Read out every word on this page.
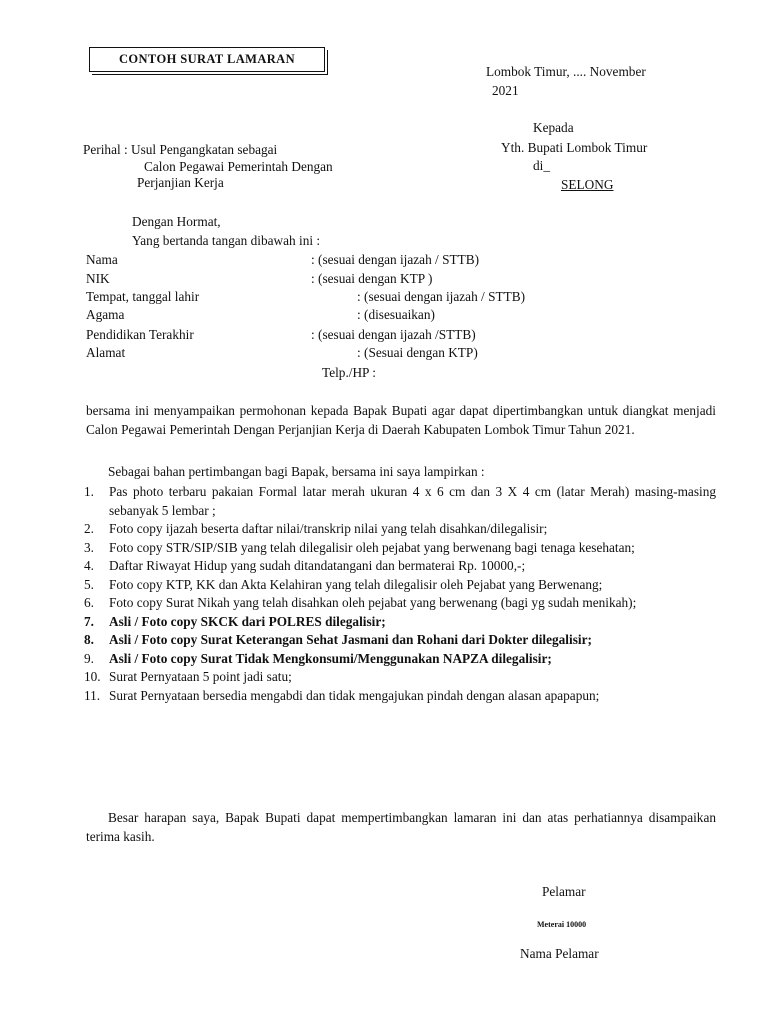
CONTOH SURAT LAMARAN
Lombok Timur, .... November
2021
Kepada
Yth. Bupati Lombok Timur
di_
SELONG
Perihal : Usul Pengangkatan sebagai
Calon Pegawai Pemerintah Dengan
Perjanjian Kerja
Dengan Hormat,
Yang bertanda tangan dibawah ini :
Nama	: (sesuai dengan ijazah / STTB)
NIK	: (sesuai dengan KTP )
Tempat, tanggal lahir	: (sesuai dengan ijazah / STTB)
Agama	: (disesuaikan)
Pendidikan Terakhir	: (sesuai dengan ijazah /STTB)
Alamat	: (Sesuai dengan KTP)
Telp./HP :
bersama ini menyampaikan permohonan kepada Bapak Bupati agar dapat dipertimbangkan untuk diangkat menjadi Calon Pegawai Pemerintah Dengan Perjanjian Kerja di Daerah Kabupaten Lombok Timur Tahun 2021.
Sebagai bahan pertimbangan bagi Bapak, bersama ini saya lampirkan :
1. Pas photo terbaru pakaian Formal latar merah ukuran 4 x 6 cm dan 3 X 4 cm (latar Merah) masing-masing sebanyak 5 lembar ;
2. Foto copy ijazah beserta daftar nilai/transkrip nilai yang telah disahkan/dilegalisir;
3. Foto copy STR/SIP/SIB yang telah dilegalisir oleh pejabat yang berwenang bagi tenaga kesehatan;
4. Daftar Riwayat Hidup yang sudah ditandatangani dan bermaterai Rp. 10000,-;
5. Foto copy KTP, KK dan Akta Kelahiran yang telah dilegalisir oleh Pejabat yang Berwenang;
6. Foto copy Surat Nikah yang telah disahkan oleh pejabat yang berwenang (bagi yg sudah menikah);
7. Asli / Foto copy SKCK dari POLRES dilegalisir;
8. Asli / Foto copy Surat Keterangan Sehat Jasmani dan Rohani dari Dokter dilegalisir;
9. Asli / Foto copy Surat Tidak Mengkonsumi/Menggunakan NAPZA dilegalisir;
10. Surat Pernyataan 5 point jadi satu;
11. Surat Pernyataan bersedia mengabdi dan tidak mengajukan pindah dengan alasan apapapun;
Besar harapan saya, Bapak Bupati dapat mempertimbangkan lamaran ini dan atas perhatiannya disampaikan terima kasih.
Pelamar
Meterai 10000
Nama Pelamar
